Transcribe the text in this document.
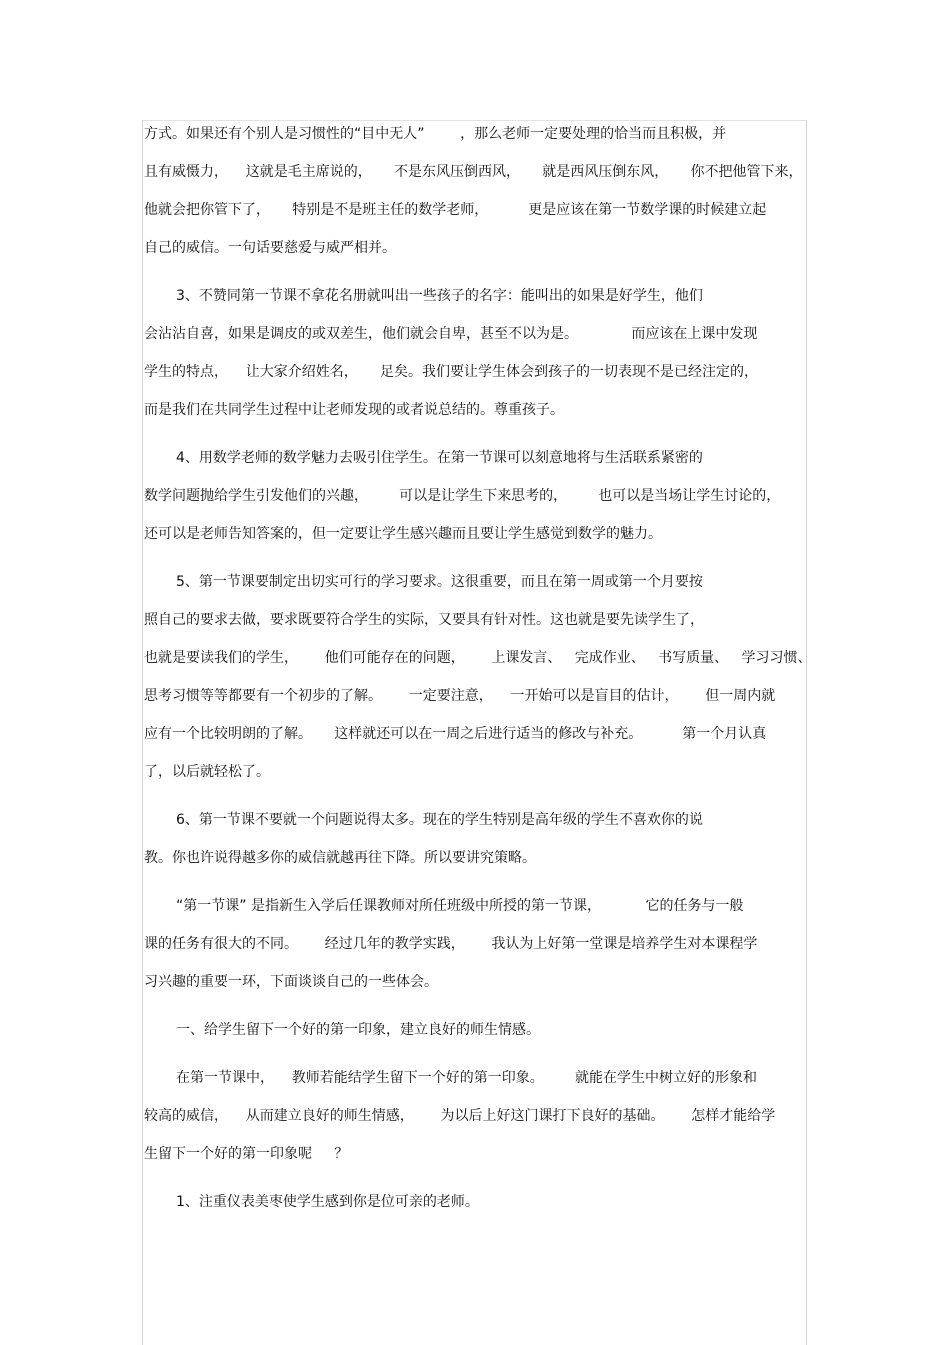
方式。如果还有个别人是习惯性的“目中无人”        ，那么老师一定要处理的恰当而且积极，并
且有威慑力，    这就是毛主席说的，     不是东风压倒西风，     就是西风压倒东风，     你不把他管下来，
他就会把你管下了，     特别是不是班主任的数学老师，         更是应该在第一节数学课的时候建立起
自己的威信。一句话要慈爱与威严相并。
3、不赞同第一节课不拿花名册就叫出一些孩子的名字：能叫出的如果是好学生，他们
会沾沾自喜，如果是调皮的或双差生，他们就会自卑，甚至不以为是。            而应该在上课中发现
学生的特点，    让大家介绍姓名，     足矣。我们要让学生体会到孩子的一切表现不是已经注定的，
而是我们在共同学生过程中让老师发现的或者说总结的。尊重孩子。
4、用数学老师的数学魅力去吸引住学生。在第一节课可以刻意地将与生活联系紧密的
数学问题抛给学生引发他们的兴趣，       可以是让学生下来思考的，       也可以是当场让学生讨论的，
还可以是老师告知答案的，但一定要让学生感兴趣而且要让学生感觉到数学的魅力。
5、第一节课要制定出切实可行的学习要求。这很重要，而且在第一周或第一个月要按
照自己的要求去做，要求既要符合学生的实际，又要具有针对性。这也就是要先读学生了，
也就是要读我们的学生，      他们可能存在的问题，      上课发言、   完成作业、   书写质量、   学习习惯、
思考习惯等等都要有一个初步的了解。      一定要注意，    一开始可以是盲目的估计，      但一周内就
应有一个比较明朗的了解。     这样就还可以在一周之后进行适当的修改与补充。         第一个月认真
了，以后就轻松了。
6、第一节课不要就一个问题说得太多。现在的学生特别是高年级的学生不喜欢你的说
教。你也许说得越多你的威信就越再往下降。所以要讲究策略。
“第一节课” 是指新生入学后任课教师对所任班级中所授的第一节课，          它的任务与一般
课的任务有很大的不同。      经过几年的教学实践，      我认为上好第一堂课是培养学生对本课程学
习兴趣的重要一环，下面谈谈自己的一些体会。
一、给学生留下一个好的第一印象，建立良好的师生情感。
在第一节课中，    教师若能结学生留下一个好的第一印象。       就能在学生中树立好的形象和
较高的威信，    从而建立良好的师生情感，      为以后上好这门课打下良好的基础。      怎样才能给学
生留下一个好的第一印象呢     ？
1、注重仪表美枣使学生感到你是位可亲的老师。
